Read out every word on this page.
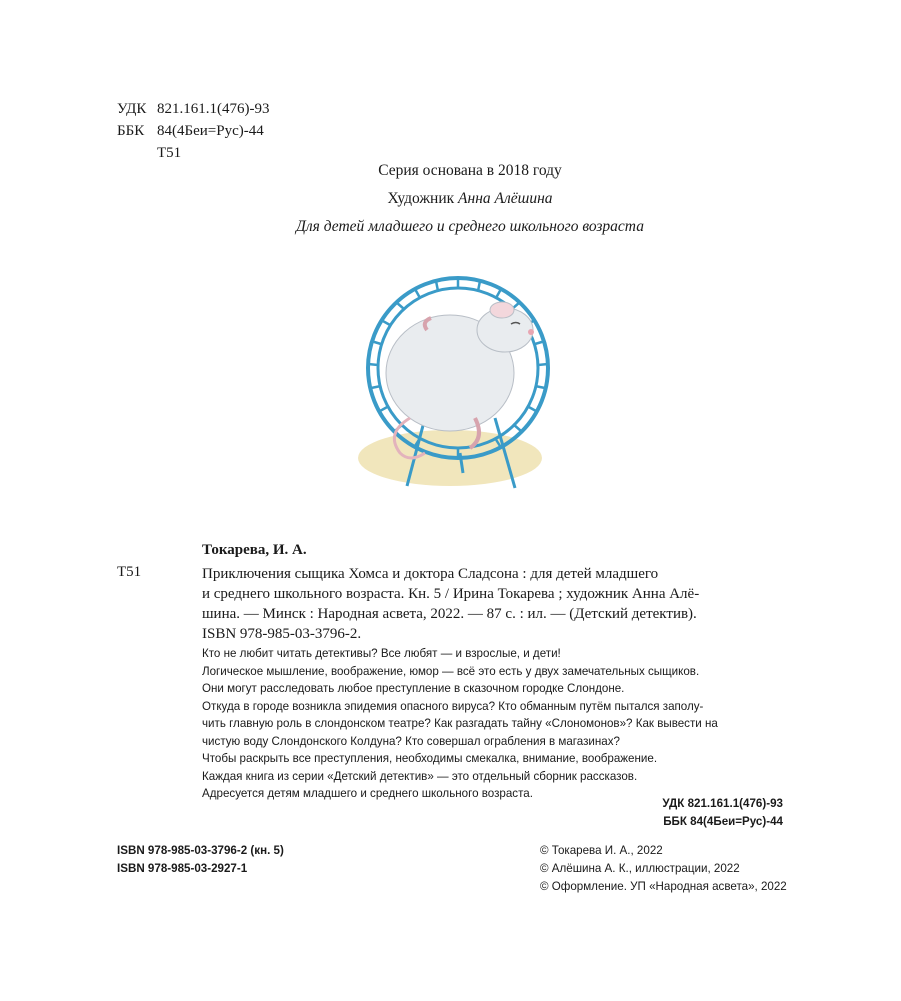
УДК 821.161.1(476)-93
ББК 84(4Беи=Рус)-44
Т51
Серия основана в 2018 году
Художник Анна Алёшина
Для детей младшего и среднего школьного возраста
Токарева, И. А.
Т51	Приключения сыщика Хомса и доктора Сладсона : для детей младшего
и среднего школьного возраста. Кн. 5 / Ирина Токарева ; художник Анна Алё-
шина. — Минск : Народная асвета, 2022. — 87 с. : ил. — (Детский детектив).
ISBN 978-985-03-3796-2.
Кто не любит читать детективы? Все любят — и взрослые, и дети!
Логическое мышление, воображение, юмор — всё это есть у двух замечательных сыщиков.
Они могут расследовать любое преступление в сказочном городке Слондоне.
Откуда в городе возникла эпидемия опасного вируса? Кто обманным путём пытался заполу-
чить главную роль в слондонском театре? Как разгадать тайну «Слономонов»? Как вывести на
чистую воду Слондонского Колдуна? Кто совершал ограбления в магазинах?
Чтобы раскрыть все преступления, необходимы смекалка, внимание, воображение.
Каждая книга из серии «Детский детектив» — это отдельный сборник рассказов.
Адресуется детям младшего и среднего школьного возраста.
УДК 821.161.1(476)-93
ББК 84(4Беи=Рус)-44
ISBN 978-985-03-3796-2 (кн. 5)
ISBN 978-985-03-2927-1
© Токарева И. А., 2022
© Алёшина А. К., иллюстрации, 2022
© Оформление. УП «Народная асвета», 2022
